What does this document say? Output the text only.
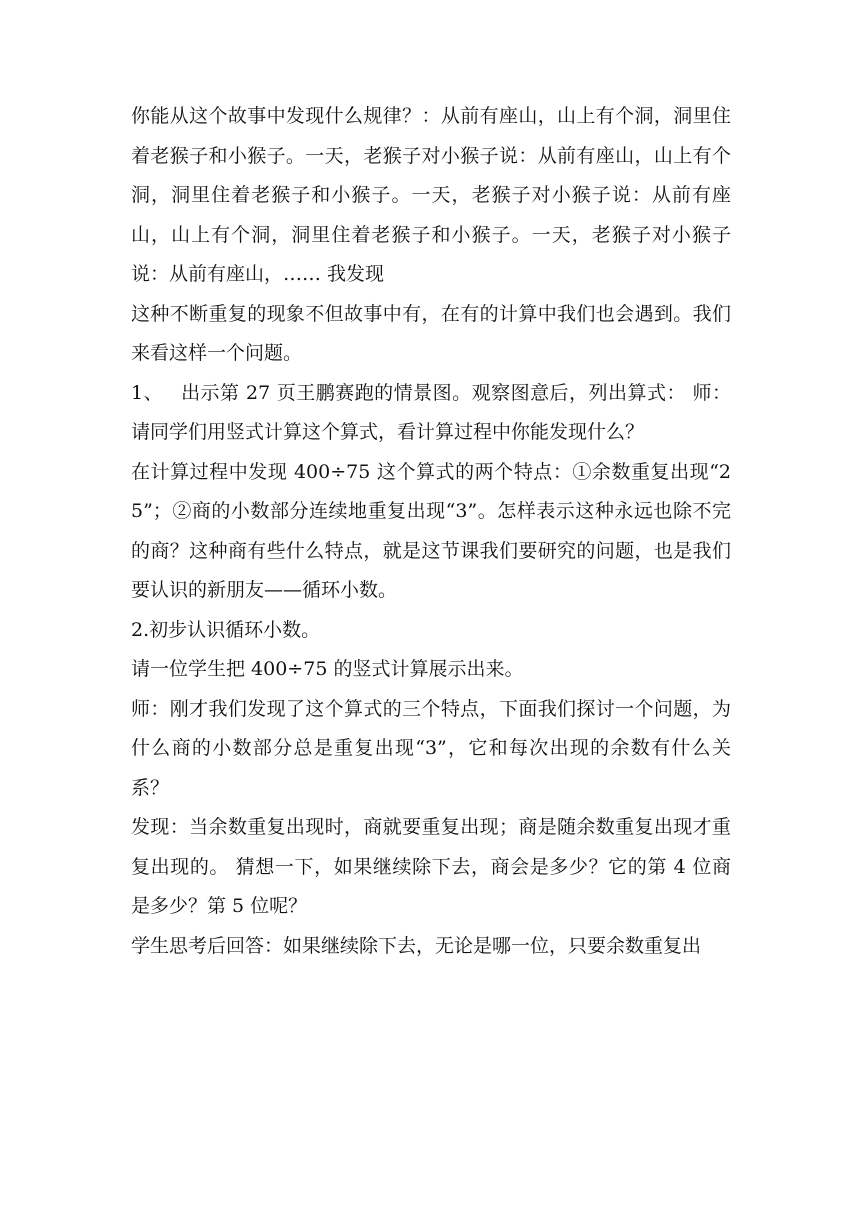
你能从这个故事中发现什么规律？：从前有座山，山上有个洞，洞里住着老猴子和小猴子。一天，老猴子对小猴子说：从前有座山，山上有个洞，洞里住着老猴子和小猴子。一天，老猴子对小猴子说：从前有座山，山上有个洞，洞里住着老猴子和小猴子。一天，老猴子对小猴子说：从前有座山，…… 我发现

这种不断重复的现象不但故事中有，在有的计算中我们也会遇到。我们来看这样一个问题。

1、 出示第 27 页王鹏赛跑的情景图。观察图意后，列出算式： 师：请同学们用竖式计算这个算式，看计算过程中你能发现什么？

在计算过程中发现 400÷75 这个算式的两个特点：①余数重复出现“25”；②商的小数部分连续地重复出现“3”。怎样表示这种永远也除不完的商？这种商有些什么特点，就是这节课我们要研究的问题，也是我们要认识的新朋友——循环小数。

2.初步认识循环小数。

请一位学生把 400÷75 的竖式计算展示出来。

师：刚才我们发现了这个算式的三个特点，下面我们探讨一个问题，为什么商的小数部分总是重复出现“3”，它和每次出现的余数有什么关系？

发现：当余数重复出现时，商就要重复出现；商是随余数重复出现才重复出现的。 猜想一下，如果继续除下去，商会是多少？它的第 4 位商是多少？第 5 位呢？

学生思考后回答：如果继续除下去，无论是哪一位，只要余数重复出
